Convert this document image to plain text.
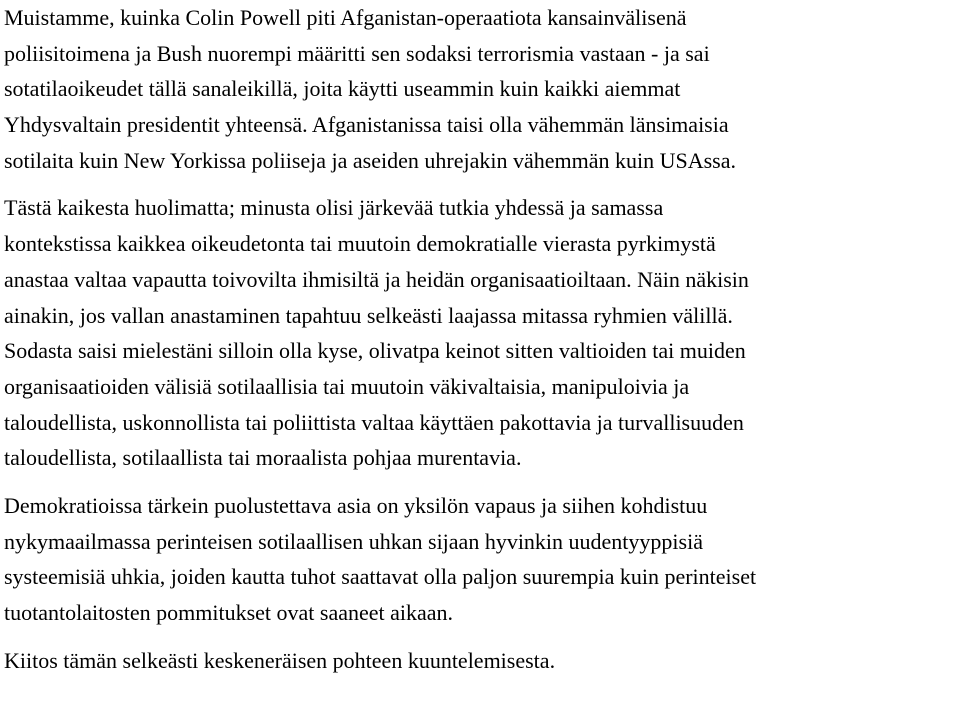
Muistamme, kuinka Colin Powell piti Afganistan-operaatiota kansainvälisenä
poliisitoimena ja Bush nuorempi määritti sen sodaksi terrorismia vastaan - ja sai
sotatilaoikeudet tällä sanaleikillä, joita käytti useammin kuin kaikki aiemmat
Yhdysvaltain presidentit yhteensä. Afganistanissa taisi olla vähemmän länsimaisia
sotilaita kuin New Yorkissa poliiseja ja aseiden uhrejakin vähemmän kuin USAssa.
Tästä kaikesta huolimatta; minusta olisi järkevää tutkia yhdessä ja samassa
kontekstissa kaikkea oikeudetonta tai muutoin demokratialle vierasta pyrkimystä
anastaa valtaa vapautta toivovilta ihmisiltä ja heidän organisaatioiltaan. Näin näkisin
ainakin, jos vallan anastaminen tapahtuu selkeästi laajassa mitassa ryhmien välillä.
Sodasta saisi mielestäni silloin olla kyse, olivatpa keinot sitten valtioiden tai muiden
organisaatioiden välisiä sotilaallisia tai muutoin väkivaltaisia, manipuloivia ja
taloudellista, uskonnollista tai poliittista valtaa käyttäen pakottavia ja turvallisuuden
taloudellista, sotilaallista tai moraalista pohjaa murentavia.
Demokratioissa tärkein puolustettava asia on yksilön vapaus ja siihen kohdistuu
nykymaailmassa perinteisen sotilaallisen uhkan sijaan hyvinkin uudentyyppisiä
systeemisiä uhkia, joiden kautta tuhot saattavat olla paljon suurempia kuin perinteiset
tuotantolaitosten pommitukset ovat saaneet aikaan.
Kiitos tämän selkeästi keskeneräisen pohteen kuuntelemisesta.
